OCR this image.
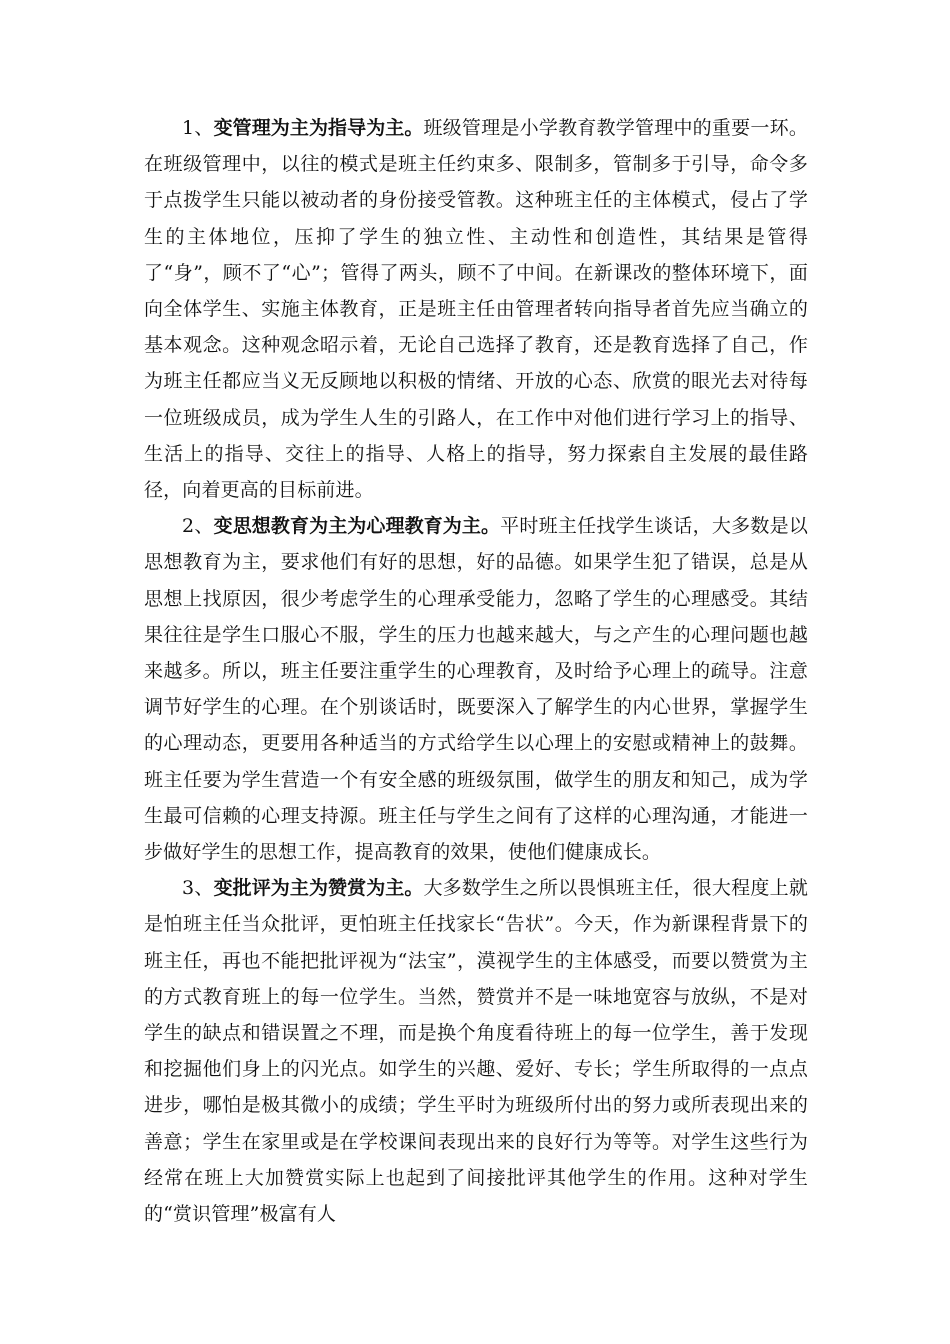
1、变管理为主为指导为主。班级管理是小学教育教学管理中的重要一环。在班级管理中，以往的模式是班主任约束多、限制多，管制多于引导，命令多于点拨学生只能以被动者的身份接受管教。这种班主任的主体模式，侵占了学生的主体地位，压抑了学生的独立性、主动性和创造性，其结果是管得了“身”，顾不了“心”；管得了两头，顾不了中间。在新课改的整体环境下，面向全体学生、实施主体教育，正是班主任由管理者转向指导者首先应当确立的基本观念。这种观念昭示着，无论自己选择了教育，还是教育选择了自己，作为班主任都应当义无反顾地以积极的情绪、开放的心态、欣赏的眼光去对待每一位班级成员，成为学生人生的引路人，在工作中对他们进行学习上的指导、生活上的指导、交往上的指导、人格上的指导，努力探索自主发展的最佳路径，向着更高的目标前进。

2、变思想教育为主为心理教育为主。平时班主任找学生谈话，大多数是以思想教育为主，要求他们有好的思想，好的品德。如果学生犯了错误，总是从思想上找原因，很少考虑学生的心理承受能力，忽略了学生的心理感受。其结果往往是学生口服心不服，学生的压力也越来越大，与之产生的心理问题也越来越多。所以，班主任要注重学生的心理教育，及时给予心理上的疏导。注意调节好学生的心理。在个别谈话时，既要深入了解学生的内心世界，掌握学生的心理动态，更要用各种适当的方式给学生以心理上的安慰或精神上的鼓舞。班主任要为学生营造一个有安全感的班级氛围，做学生的朋友和知己，成为学生最可信赖的心理支持源。班主任与学生之间有了这样的心理沟通，才能进一步做好学生的思想工作，提高教育的效果，使他们健康成长。

3、变批评为主为赞赏为主。大多数学生之所以畏惧班主任，很大程度上就是怕班主任当众批评，更怕班主任找家长“告状”。今天，作为新课程背景下的班主任，再也不能把批评视为“法宝”，漠视学生的主体感受，而要以赞赏为主的方式教育班上的每一位学生。当然，赞赏并不是一味地宽容与放纵，不是对学生的缺点和错误置之不理，而是换个角度看待班上的每一位学生，善于发现和挖掘他们身上的闪光点。如学生的兴趣、爱好、专长；学生所取得的一点点进步，哪怕是极其微小的成绩；学生平时为班级所付出的努力或所表现出来的善意；学生在家里或是在学校课间表现出来的良好行为等等。对学生这些行为经常在班上大加赞赏实际上也起到了间接批评其他学生的作用。这种对学生的“赏识管理”极富有人
